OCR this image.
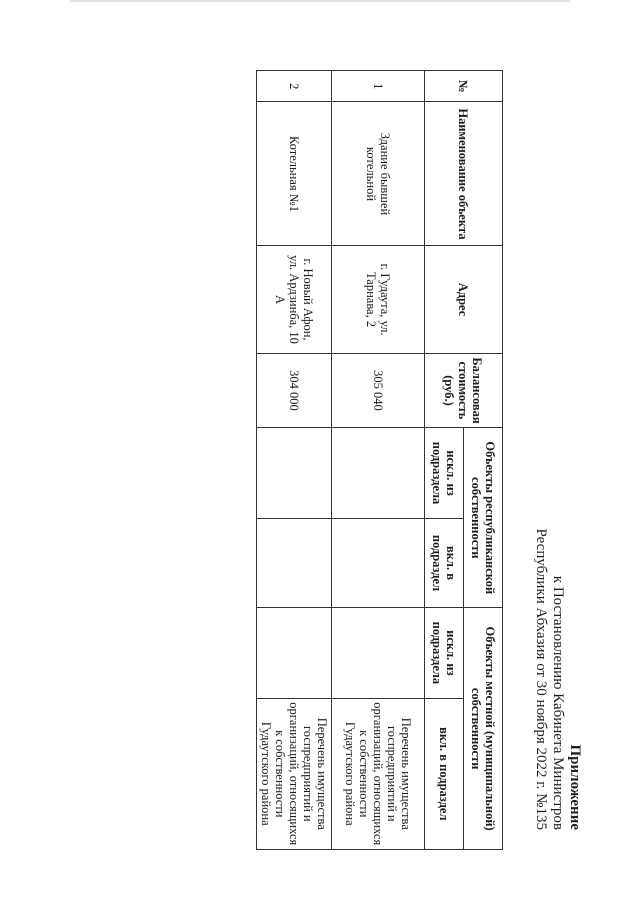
Приложение
к Постановлению Кабинета Министров
Республики Абхазия от 30 ноября 2022 г. №135
№	Наименование объекта	Адрес	Балансовая стоимость (руб.)	Объекты республиканской собственности		Объекты местной (муниципальной) собственности	
				искл. из подраздела	вкл. в подраздел	искл. из подраздела	вкл. в подраздел
1	Здание бывшей котельной	г. Гудаута, ул. Тарнава, 2	305 040				Перечень имущества госпредприятий и организаций, относящихся к собственности Гудаутского района
2	Котельная №1	г. Новый Афон, ул. Ардзинба, 10 А	304 000				Перечень имущества госпредприятий и организаций, относящихся к собственности Гудаутского района
